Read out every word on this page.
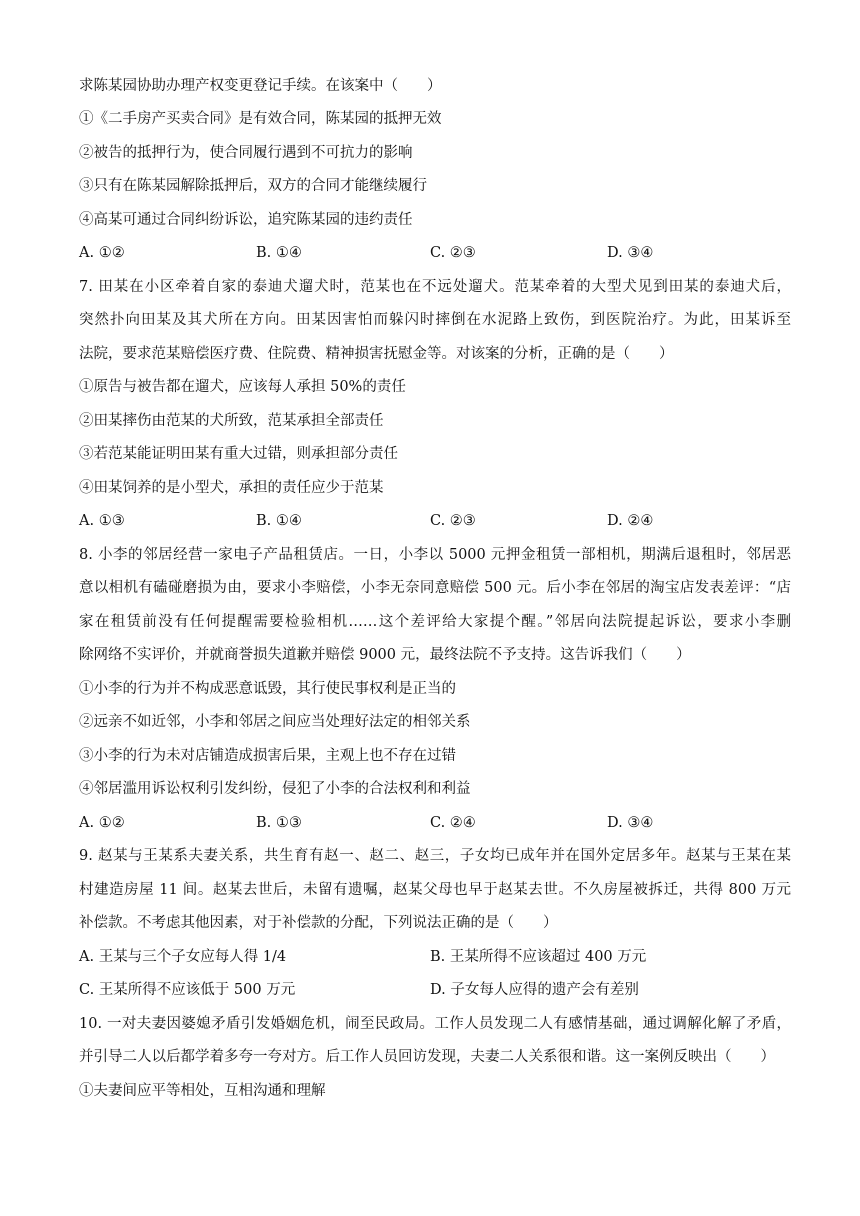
求陈某园协助办理产权变更登记手续。在该案中（　　）
①《二手房产买卖合同》是有效合同，陈某园的抵押无效
②被告的抵押行为，使合同履行遇到不可抗力的影响
③只有在陈某园解除抵押后，双方的合同才能继续履行
④高某可通过合同纠纷诉讼，追究陈某园的违约责任
A. ①②	B. ①④	C. ②③	D. ③④
7. 田某在小区牵着自家的泰迪犬遛犬时，范某也在不远处遛犬。范某牵着的大型犬见到田某的泰迪犬后，
突然扑向田某及其犬所在方向。田某因害怕而躲闪时摔倒在水泥路上致伤，到医院治疗。为此，田某诉至
法院，要求范某赔偿医疗费、住院费、精神损害抚慰金等。对该案的分析，正确的是（　　）
①原告与被告都在遛犬，应该每人承担 50%的责任
②田某摔伤由范某的犬所致，范某承担全部责任
③若范某能证明田某有重大过错，则承担部分责任
④田某饲养的是小型犬，承担的责任应少于范某
A. ①③	B. ①④	C. ②③	D. ②④
8. 小李的邻居经营一家电子产品租赁店。一日，小李以 5000 元押金租赁一部相机，期满后退租时，邻居恶
意以相机有磕碰磨损为由，要求小李赔偿，小李无奈同意赔偿 500 元。后小李在邻居的淘宝店发表差评：“店
家在租赁前没有任何提醒需要检验相机……这个差评给大家提个醒。”邻居向法院提起诉讼，要求小李删
除网络不实评价，并就商誉损失道歉并赔偿 9000 元，最终法院不予支持。这告诉我们（　　）
①小李的行为并不构成恶意诋毁，其行使民事权利是正当的
②远亲不如近邻，小李和邻居之间应当处理好法定的相邻关系
③小李的行为未对店铺造成损害后果，主观上也不存在过错
④邻居滥用诉讼权利引发纠纷，侵犯了小李的合法权利和利益
A. ①②	B. ①③	C. ②④	D. ③④
9. 赵某与王某系夫妻关系，共生育有赵一、赵二、赵三，子女均已成年并在国外定居多年。赵某与王某在某
村建造房屋 11 间。赵某去世后，未留有遗嘱，赵某父母也早于赵某去世。不久房屋被拆迁，共得 800 万元
补偿款。不考虑其他因素，对于补偿款的分配，下列说法正确的是（　　）
A. 王某与三个子女应每人得 1/4	B. 王某所得不应该超过 400 万元
C. 王某所得不应该低于 500 万元	D. 子女每人应得的遗产会有差别
10. 一对夫妻因婆媳矛盾引发婚姻危机，闹至民政局。工作人员发现二人有感情基础，通过调解化解了矛盾，
并引导二人以后都学着多夸一夸对方。后工作人员回访发现，夫妻二人关系很和谐。这一案例反映出（　　）
①夫妻间应平等相处，互相沟通和理解
